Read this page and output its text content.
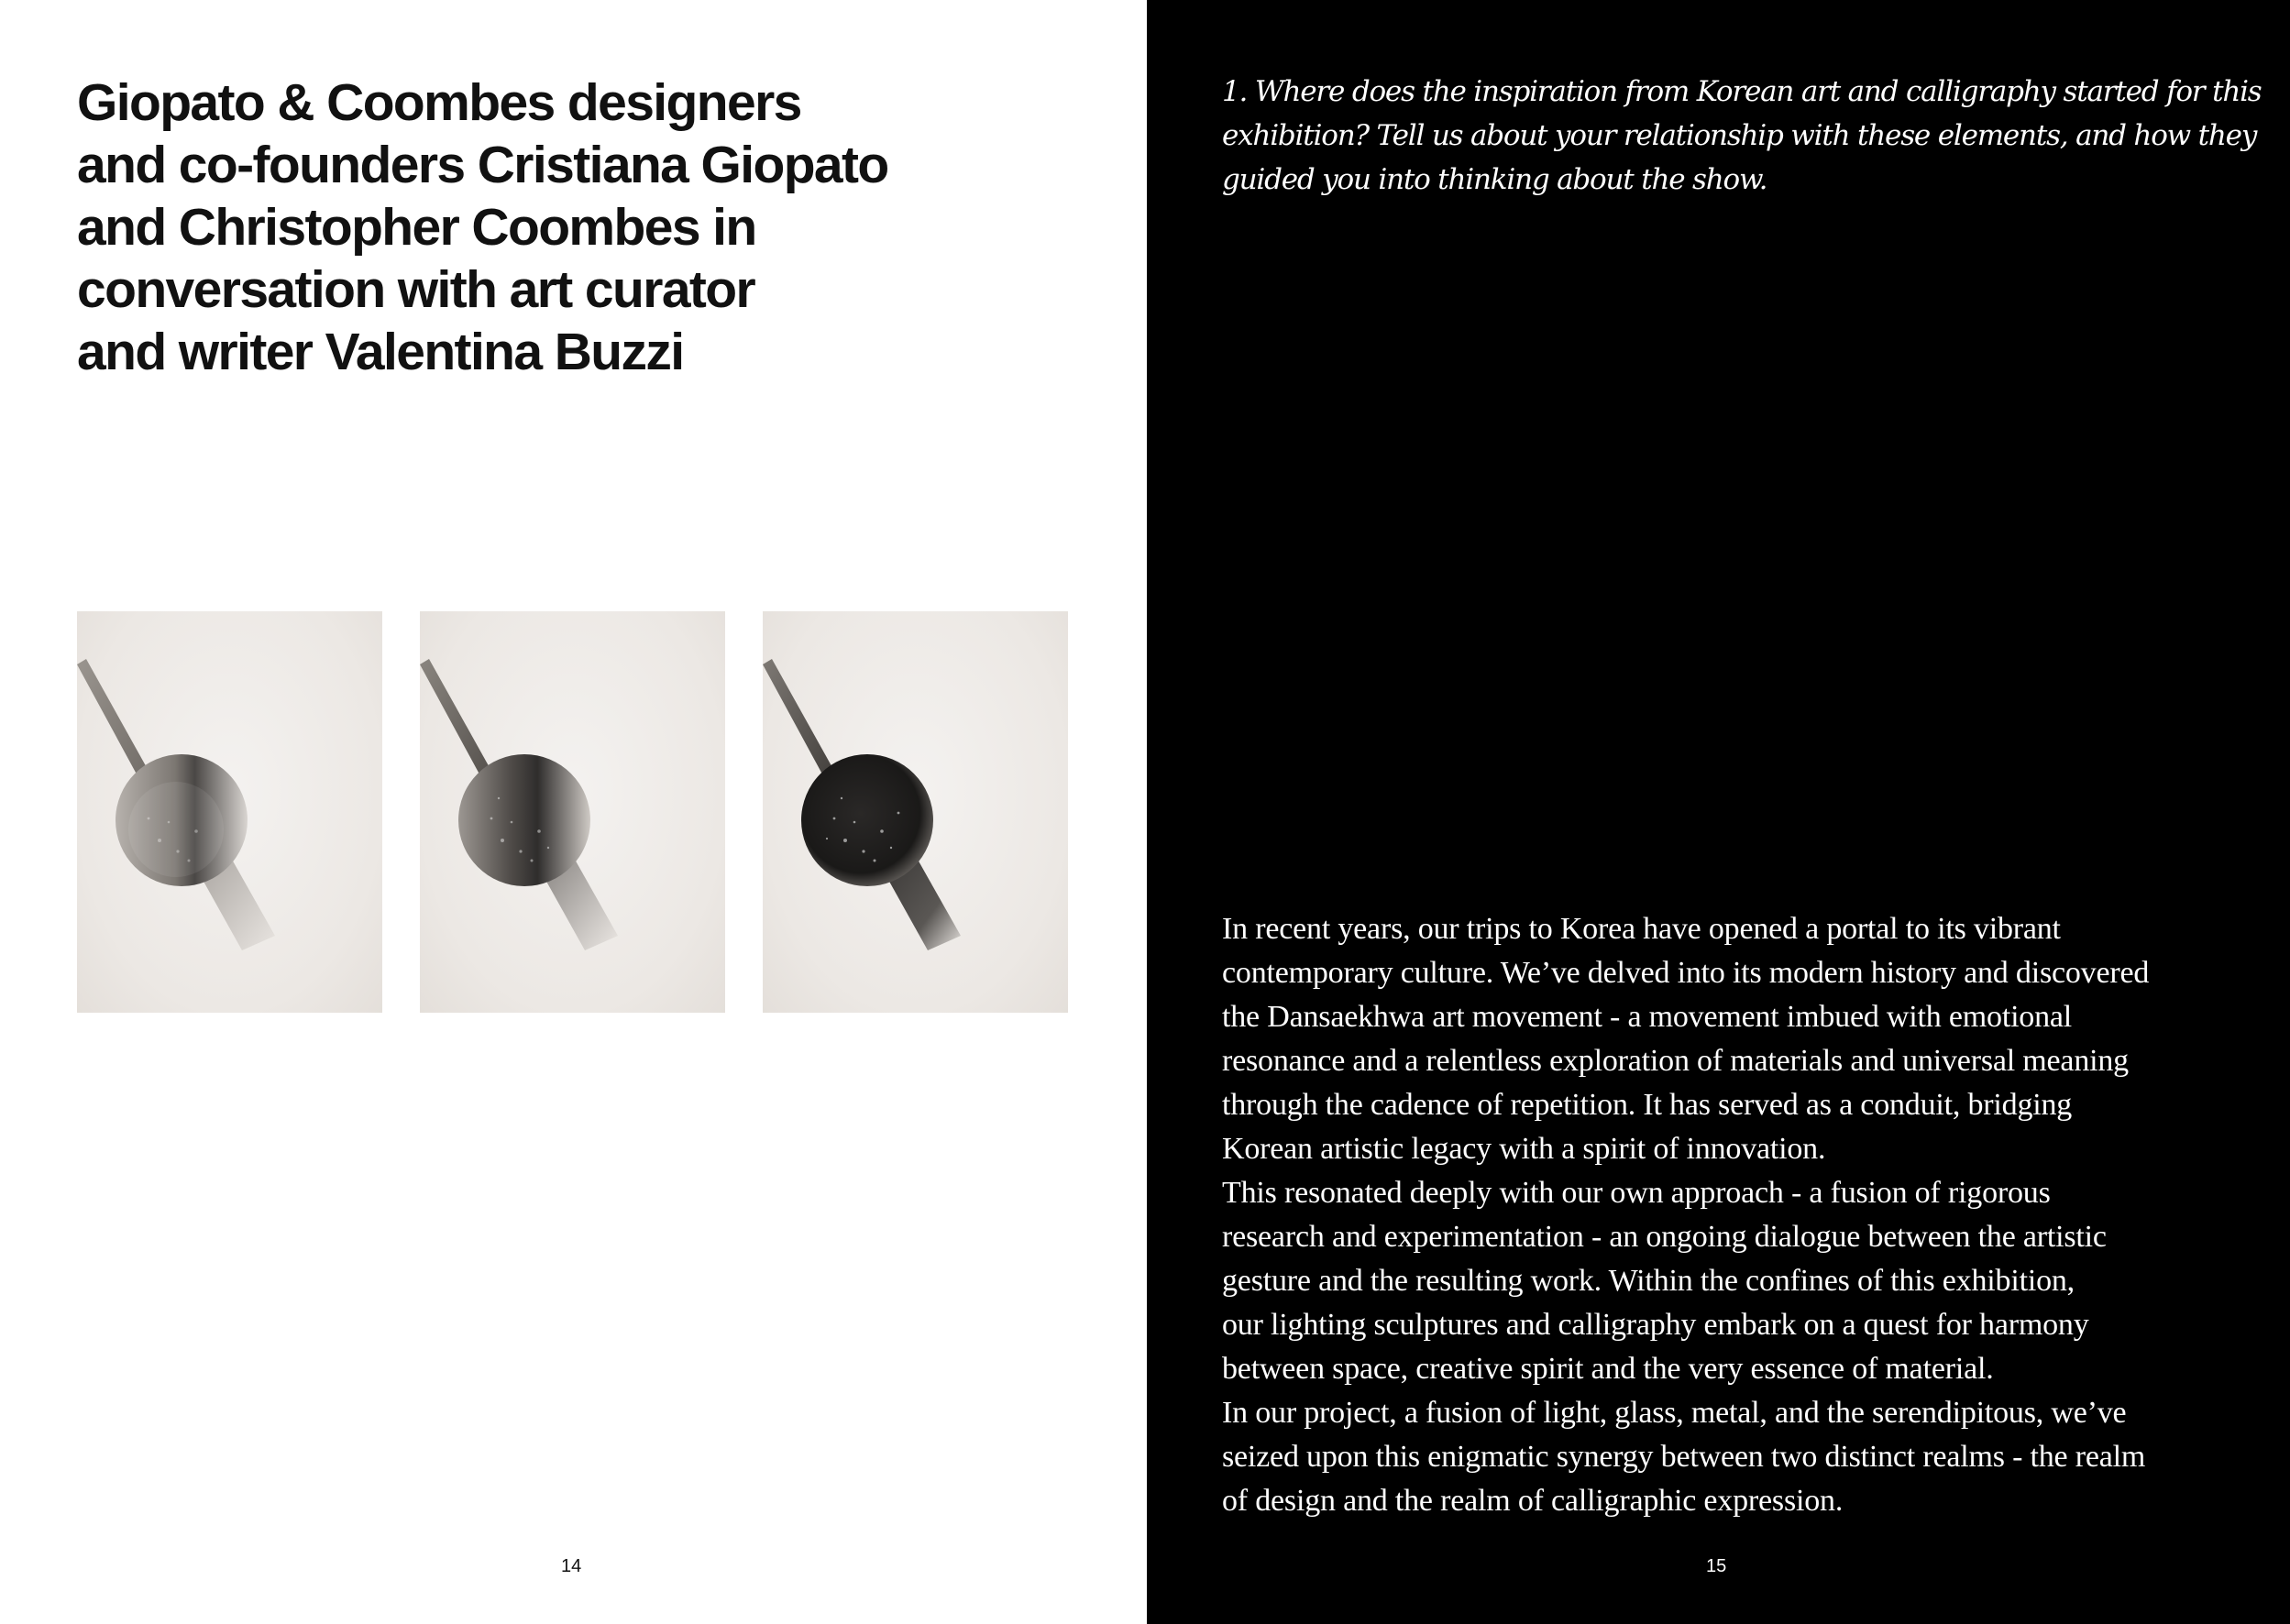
Giopato & Coombes designers
and co-founders Cristiana Giopato
and Christopher Coombes in
conversation with art curator
and writer Valentina Buzzi
14

1. Where does the inspiration from Korean art and calligraphy started for this
exhibition? Tell us about your relationship with these elements, and how they
guided you into thinking about the show.

In recent years, our trips to Korea have opened a portal to its vibrant
contemporary culture. We’ve delved into its modern history and discovered
the Dansaekhwa art movement - a movement imbued with emotional
resonance and a relentless exploration of materials and universal meaning
through the cadence of repetition. It has served as a conduit, bridging
Korean artistic legacy with a spirit of innovation.
This resonated deeply with our own approach - a fusion of rigorous
research and experimentation - an ongoing dialogue between the artistic
gesture and the resulting work. Within the confines of this exhibition,
our lighting sculptures and calligraphy embark on a quest for harmony
between space, creative spirit and the very essence of material.
In our project, a fusion of light, glass, metal, and the serendipitous, we’ve
seized upon this enigmatic synergy between two distinct realms - the realm
of design and the realm of calligraphic expression.

15
